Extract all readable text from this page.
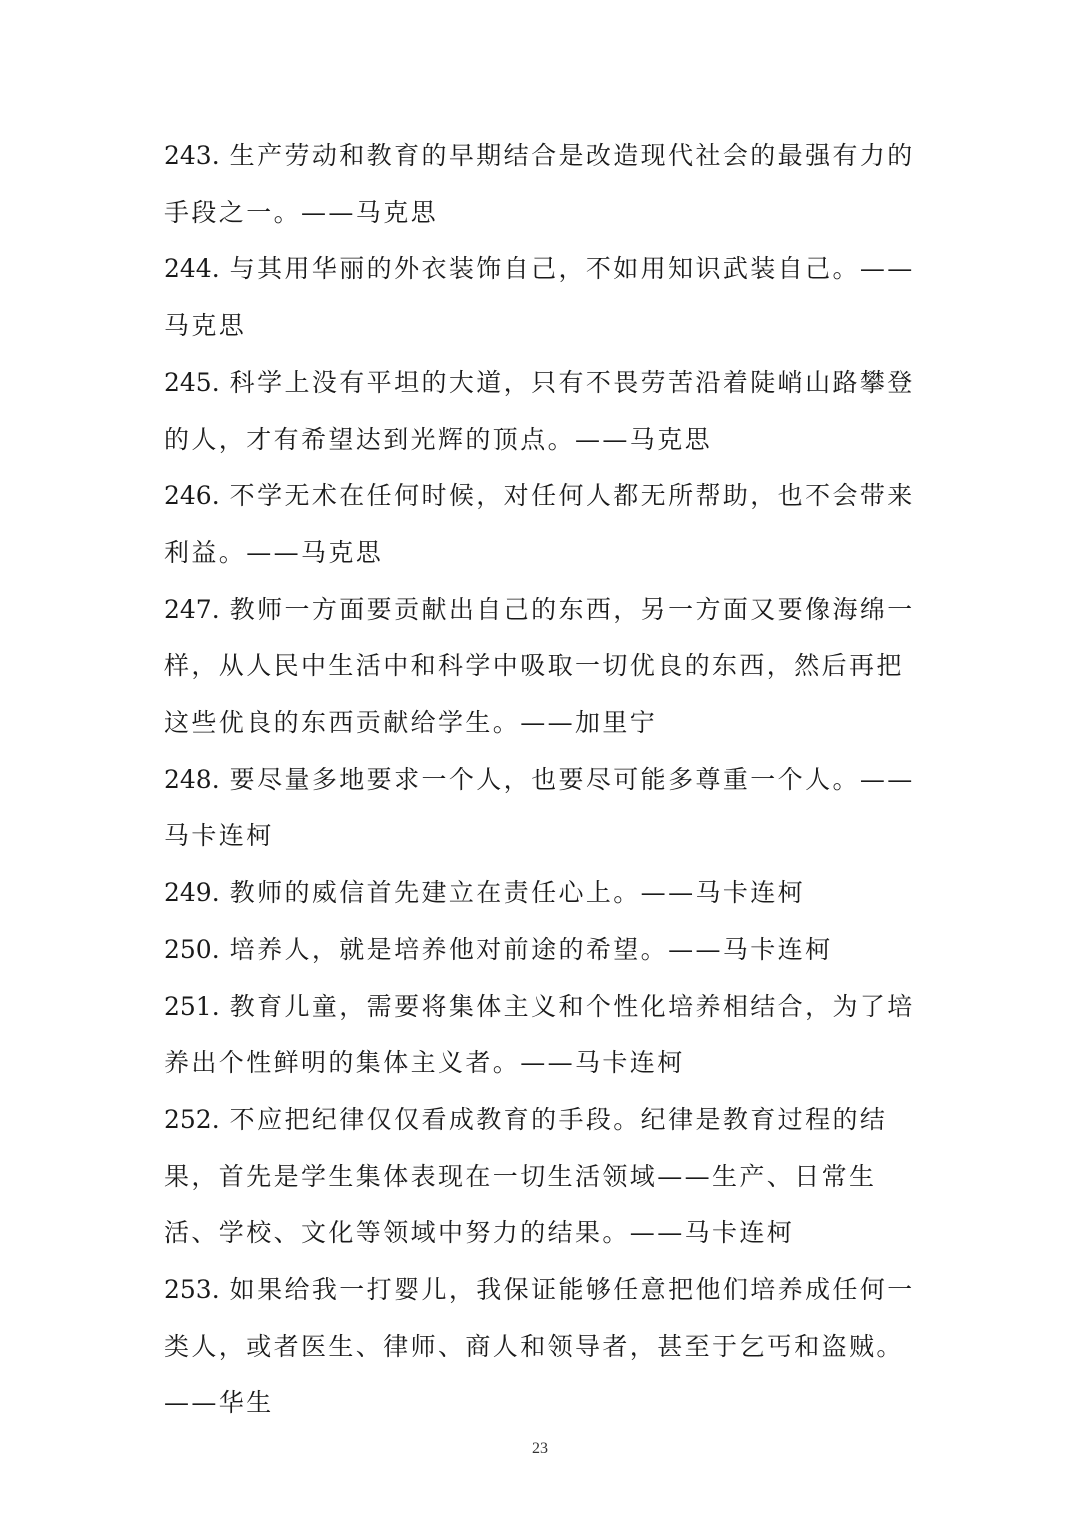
243. 生产劳动和教育的早期结合是改造现代社会的最强有力的手段之一。——马克思

244. 与其用华丽的外衣装饰自己，不如用知识武装自己。——马克思

245. 科学上没有平坦的大道，只有不畏劳苦沿着陡峭山路攀登的人，才有希望达到光辉的顶点。——马克思

246. 不学无术在任何时候，对任何人都无所帮助，也不会带来利益。——马克思

247. 教师一方面要贡献出自己的东西，另一方面又要像海绵一样，从人民中生活中和科学中吸取一切优良的东西，然后再把这些优良的东西贡献给学生。——加里宁

248. 要尽量多地要求一个人，也要尽可能多尊重一个人。——马卡连柯

249. 教师的威信首先建立在责任心上。——马卡连柯

250. 培养人，就是培养他对前途的希望。——马卡连柯

251. 教育儿童，需要将集体主义和个性化培养相结合，为了培养出个性鲜明的集体主义者。——马卡连柯

252. 不应把纪律仅仅看成教育的手段。纪律是教育过程的结果，首先是学生集体表现在一切生活领域——生产、日常生活、学校、文化等领域中努力的结果。——马卡连柯

253. 如果给我一打婴儿，我保证能够任意把他们培养成任何一类人，或者医生、律师、商人和领导者，甚至于乞丐和盗贼。——华生

23
